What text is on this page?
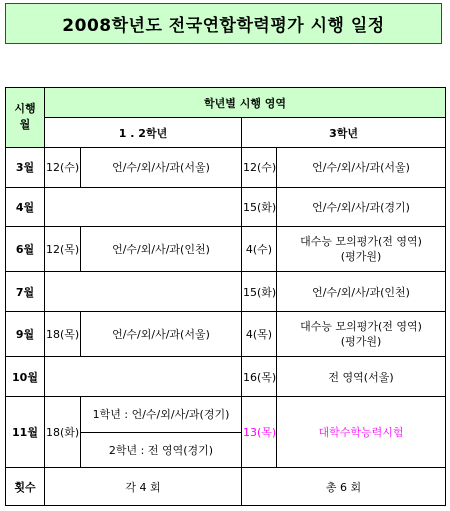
2008학년도 전국연합학력평가 시행 일정
시행
월	학년별 시행 영역			
	1 . 2학년		3학년	
3월	12(수)	언/수/외/사/과(서울)	12(수)	언/수/외/사/과(서울)
4월			15(화)	언/수/외/사/과(경기)
6월	12(목)	언/수/외/사/과(인천)	4(수)	대수능 모의평가(전 영역)
(평가원)
7월			15(화)	언/수/외/사/과(인천)
9월	18(목)	언/수/외/사/과(서울)	4(목)	대수능 모의평가(전 영역)
(평가원)
10월			16(목)	전 영역(서울)
11월	18(화)	1학년 : 언/수/외/사/과(경기)	13(목)	대학수학능력시험
		2학년 : 전 영역(경기)		
횟수	각 4 회		총 6 회	
